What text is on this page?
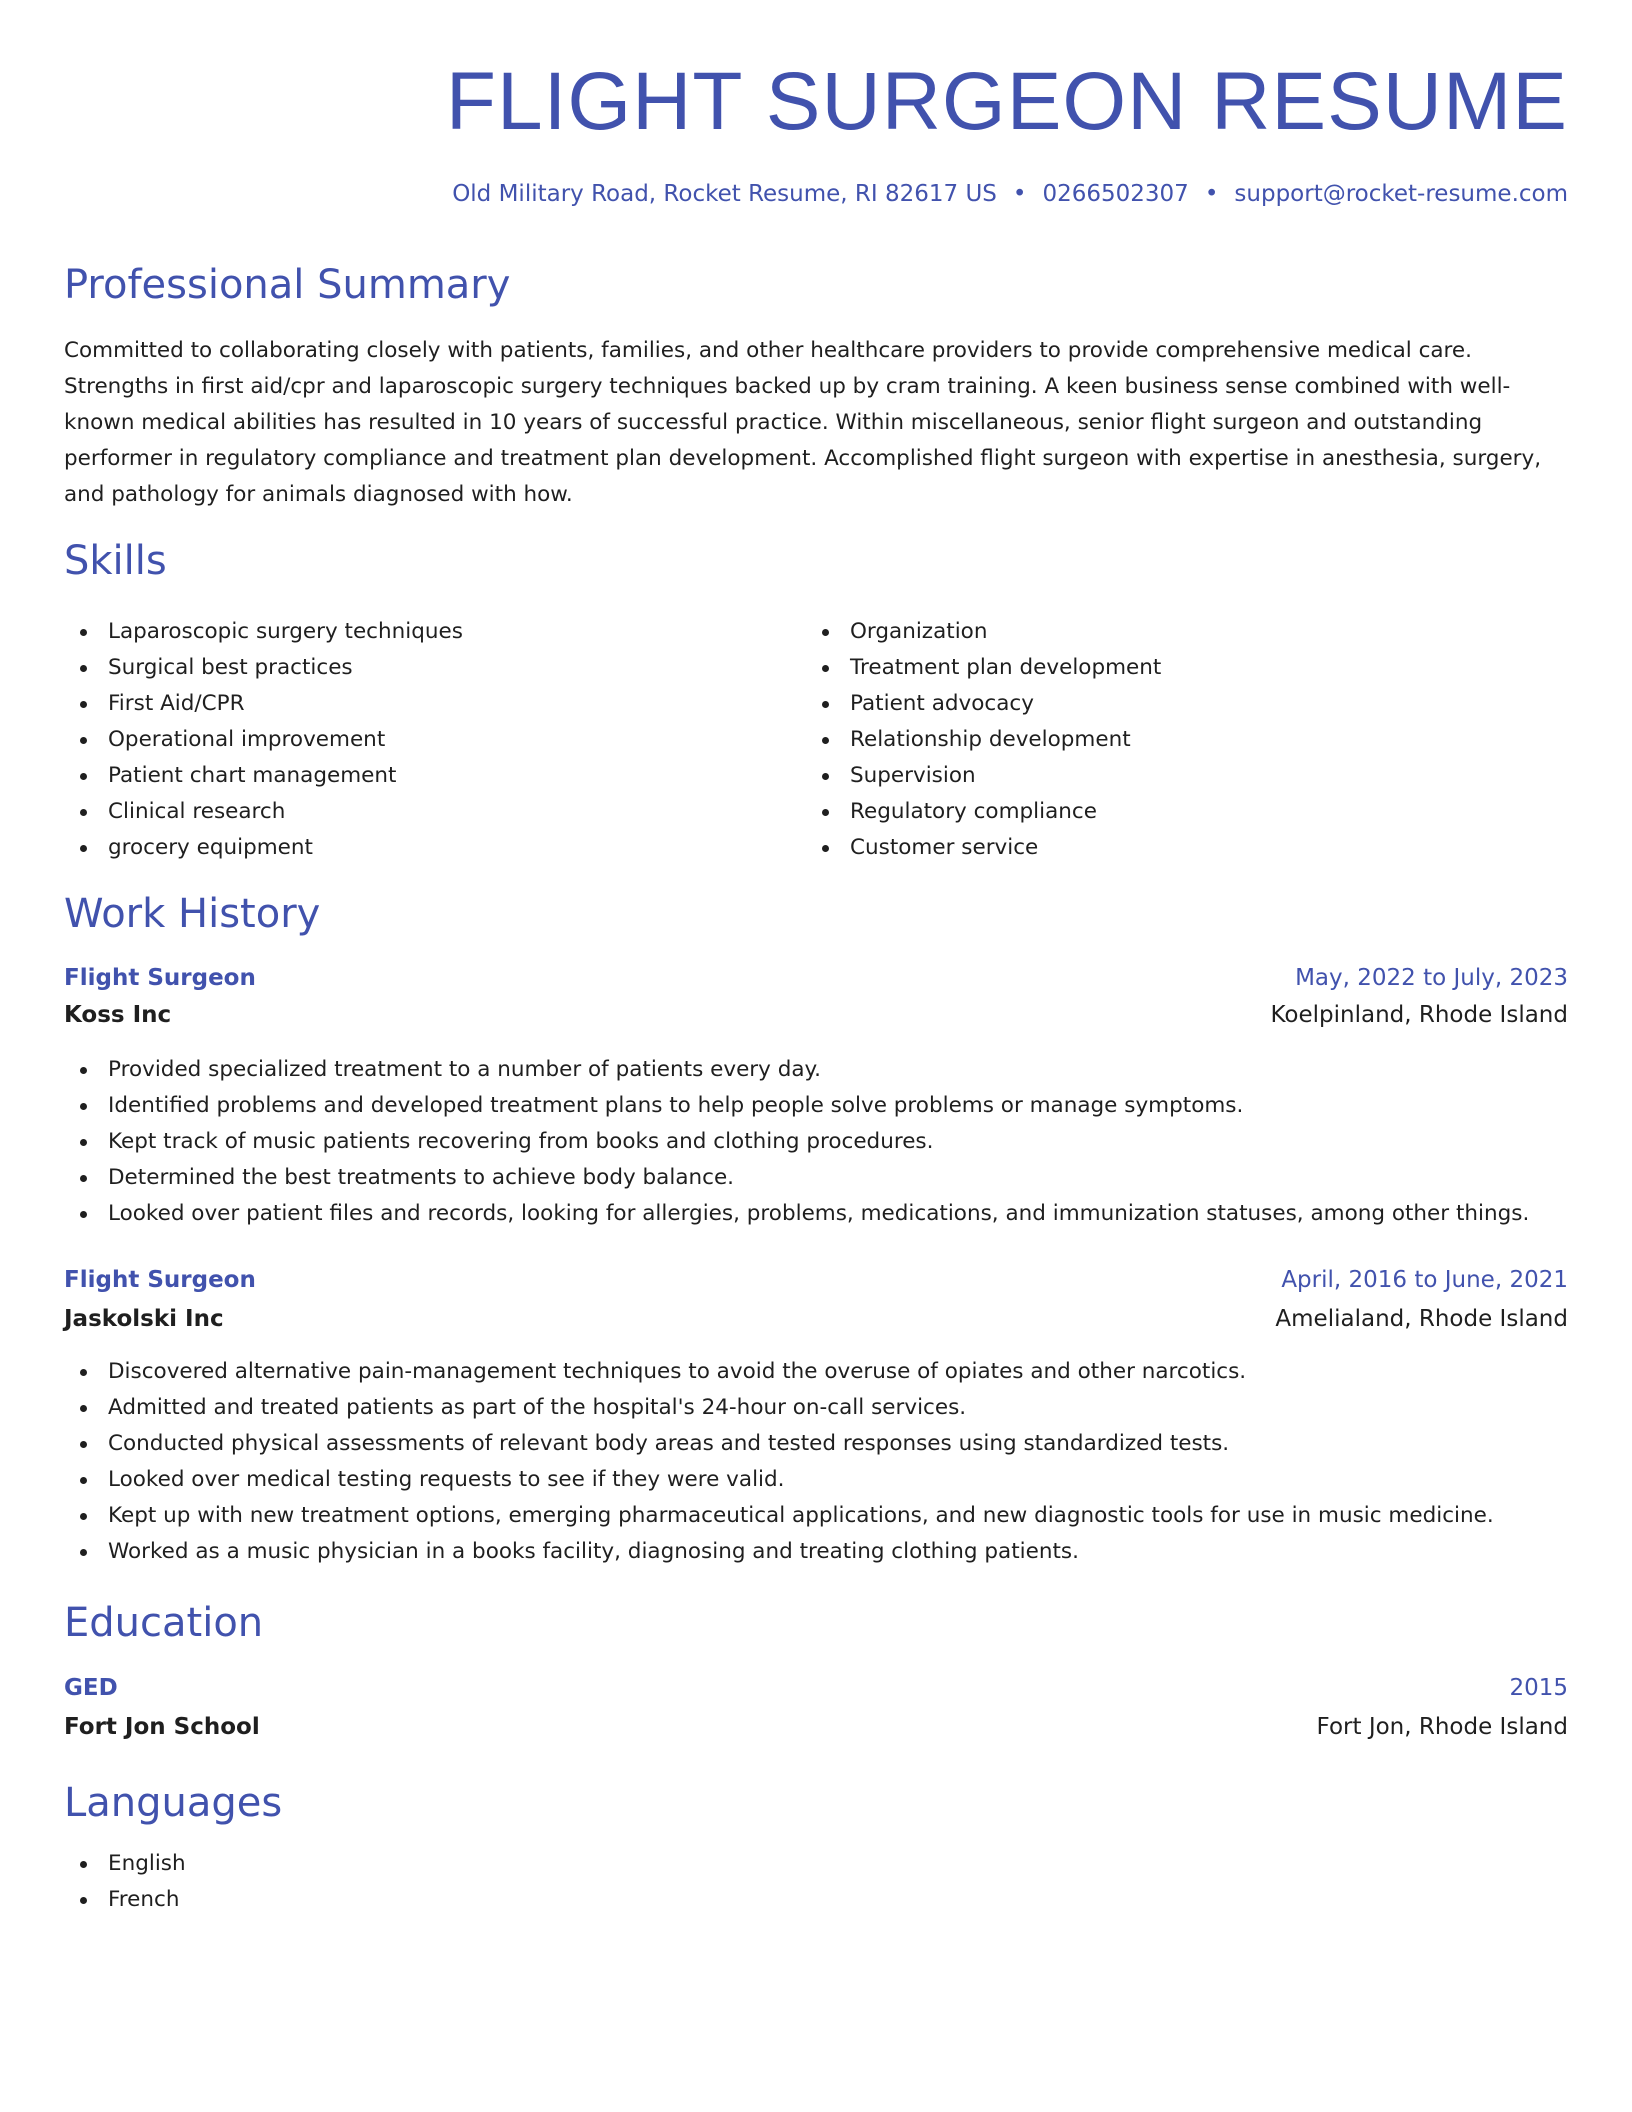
FLIGHT SURGEON RESUME
Old Military Road, Rocket Resume, RI 82617 US • 0266502307 • support@rocket-resume.com
Professional Summary

Committed to collaborating closely with patients, families, and other healthcare providers to provide comprehensive medical care. Strengths in first aid/cpr and laparoscopic surgery techniques backed up by cram training. A keen business sense combined with well-known medical abilities has resulted in 10 years of successful practice. Within miscellaneous, senior flight surgeon and outstanding performer in regulatory compliance and treatment plan development. Accomplished flight surgeon with expertise in anesthesia, surgery, and pathology for animals diagnosed with how.

Skills
Laparoscopic surgery techniques
Surgical best practices
First Aid/CPR
Operational improvement
Patient chart management
Clinical research
grocery equipment
Organization
Treatment plan development
Patient advocacy
Relationship development
Supervision
Regulatory compliance
Customer service
Work History
Flight Surgeon	May, 2022 to July, 2023
Koss Inc	Koelpinland, Rhode Island
Provided specialized treatment to a number of patients every day.
Identified problems and developed treatment plans to help people solve problems or manage symptoms.
Kept track of music patients recovering from books and clothing procedures.
Determined the best treatments to achieve body balance.
Looked over patient files and records, looking for allergies, problems, medications, and immunization statuses, among other things.
Flight Surgeon	April, 2016 to June, 2021
Jaskolski Inc	Amelialand, Rhode Island
Discovered alternative pain-management techniques to avoid the overuse of opiates and other narcotics.
Admitted and treated patients as part of the hospital's 24-hour on-call services.
Conducted physical assessments of relevant body areas and tested responses using standardized tests.
Looked over medical testing requests to see if they were valid.
Kept up with new treatment options, emerging pharmaceutical applications, and new diagnostic tools for use in music medicine.
Worked as a music physician in a books facility, diagnosing and treating clothing patients.
Education
GED	2015
Fort Jon School	Fort Jon, Rhode Island
Languages
English
French
